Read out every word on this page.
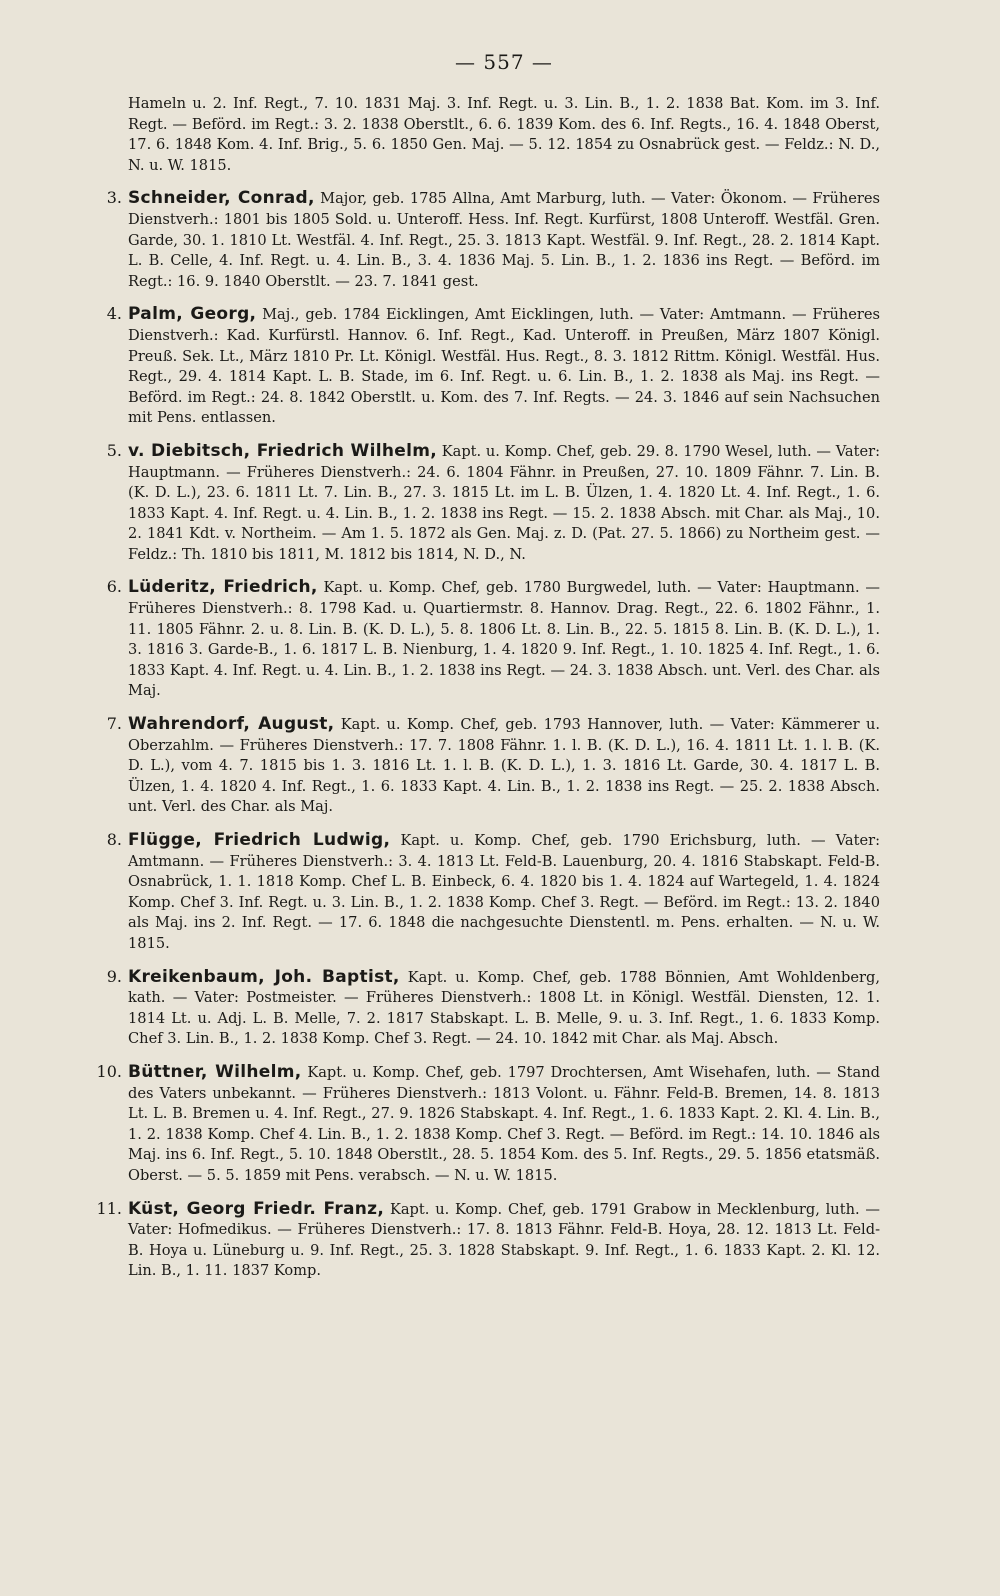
— 557 —

Hameln u. 2. Inf. Regt., 7. 10. 1831 Maj. 3. Inf. Regt. u. 3. Lin. B., 1. 2. 1838 Bat. Kom. im 3. Inf. Regt. — Beförd. im Regt.: 3. 2. 1838 Oberstlt., 6. 6. 1839 Kom. des 6. Inf. Regts., 16. 4. 1848 Oberst, 17. 6. 1848 Kom. 4. Inf. Brig., 5. 6. 1850 Gen. Maj. — 5. 12. 1854 zu Osnabrück gest. — Feldz.: N. D., N. u. W. 1815.

3. Schneider, Conrad, Major, geb. 1785 Allna, Amt Marburg, luth. — Vater: Ökonom. — Früheres Dienstverh.: 1801 bis 1805 Sold. u. Unteroff. Hess. Inf. Regt. Kurfürst, 1808 Unteroff. Westfäl. Gren. Garde, 30. 1. 1810 Lt. Westfäl. 4. Inf. Regt., 25. 3. 1813 Kapt. Westfäl. 9. Inf. Regt., 28. 2. 1814 Kapt. L. B. Celle, 4. Inf. Regt. u. 4. Lin. B., 3. 4. 1836 Maj. 5. Lin. B., 1. 2. 1836 ins Regt. — Beförd. im Regt.: 16. 9. 1840 Oberstlt. — 23. 7. 1841 gest.

4. Palm, Georg, Maj., geb. 1784 Eicklingen, Amt Eicklingen, luth. — Vater: Amtmann. — Früheres Dienstverh.: Kad. Kurfürstl. Hannov. 6. Inf. Regt., Kad. Unteroff. in Preußen, März 1807 Königl. Preuß. Sek. Lt., März 1810 Pr. Lt. Königl. Westfäl. Hus. Regt., 8. 3. 1812 Rittm. Königl. Westfäl. Hus. Regt., 29. 4. 1814 Kapt. L. B. Stade, im 6. Inf. Regt. u. 6. Lin. B., 1. 2. 1838 als Maj. ins Regt. — Beförd. im Regt.: 24. 8. 1842 Oberstlt. u. Kom. des 7. Inf. Regts. — 24. 3. 1846 auf sein Nachsuchen mit Pens. entlassen.

5. v. Diebitsch, Friedrich Wilhelm, Kapt. u. Komp. Chef, geb. 29. 8. 1790 Wesel, luth. — Vater: Hauptmann. — Früheres Dienstverh.: 24. 6. 1804 Fähnr. in Preußen, 27. 10. 1809 Fähnr. 7. Lin. B. (K. D. L.), 23. 6. 1811 Lt. 7. Lin. B., 27. 3. 1815 Lt. im L. B. Ülzen, 1. 4. 1820 Lt. 4. Inf. Regt., 1. 6. 1833 Kapt. 4. Inf. Regt. u. 4. Lin. B., 1. 2. 1838 ins Regt. — 15. 2. 1838 Absch. mit Char. als Maj., 10. 2. 1841 Kdt. v. Northeim. — Am 1. 5. 1872 als Gen. Maj. z. D. (Pat. 27. 5. 1866) zu Northeim gest. — Feldz.: Th. 1810 bis 1811, M. 1812 bis 1814, N. D., N.

6. Lüderitz, Friedrich, Kapt. u. Komp. Chef, geb. 1780 Burgwedel, luth. — Vater: Hauptmann. — Früheres Dienstverh.: 8. 1798 Kad. u. Quartiermstr. 8. Hannov. Drag. Regt., 22. 6. 1802 Fähnr., 1. 11. 1805 Fähnr. 2. u. 8. Lin. B. (K. D. L.), 5. 8. 1806 Lt. 8. Lin. B., 22. 5. 1815 8. Lin. B. (K. D. L.), 1. 3. 1816 3. Garde-B., 1. 6. 1817 L. B. Nienburg, 1. 4. 1820 9. Inf. Regt., 1. 10. 1825 4. Inf. Regt., 1. 6. 1833 Kapt. 4. Inf. Regt. u. 4. Lin. B., 1. 2. 1838 ins Regt. — 24. 3. 1838 Absch. unt. Verl. des Char. als Maj.

7. Wahrendorf, August, Kapt. u. Komp. Chef, geb. 1793 Hannover, luth. — Vater: Kämmerer u. Oberzahlm. — Früheres Dienstverh.: 17. 7. 1808 Fähnr. 1. l. B. (K. D. L.), 16. 4. 1811 Lt. 1. l. B. (K. D. L.), vom 4. 7. 1815 bis 1. 3. 1816 Lt. 1. l. B. (K. D. L.), 1. 3. 1816 Lt. Garde, 30. 4. 1817 L. B. Ülzen, 1. 4. 1820 4. Inf. Regt., 1. 6. 1833 Kapt. 4. Lin. B., 1. 2. 1838 ins Regt. — 25. 2. 1838 Absch. unt. Verl. des Char. als Maj.

8. Flügge, Friedrich Ludwig, Kapt. u. Komp. Chef, geb. 1790 Erichsburg, luth. — Vater: Amtmann. — Früheres Dienstverh.: 3. 4. 1813 Lt. Feld-B. Lauenburg, 20. 4. 1816 Stabskapt. Feld-B. Osnabrück, 1. 1. 1818 Komp. Chef L. B. Einbeck, 6. 4. 1820 bis 1. 4. 1824 auf Wartegeld, 1. 4. 1824 Komp. Chef 3. Inf. Regt. u. 3. Lin. B., 1. 2. 1838 Komp. Chef 3. Regt. — Beförd. im Regt.: 13. 2. 1840 als Maj. ins 2. Inf. Regt. — 17. 6. 1848 die nachgesuchte Dienstentl. m. Pens. erhalten. — N. u. W. 1815.

9. Kreikenbaum, Joh. Baptist, Kapt. u. Komp. Chef, geb. 1788 Bönnien, Amt Wohldenberg, kath. — Vater: Postmeister. — Früheres Dienstverh.: 1808 Lt. in Königl. Westfäl. Diensten, 12. 1. 1814 Lt. u. Adj. L. B. Melle, 7. 2. 1817 Stabskapt. L. B. Melle, 9. u. 3. Inf. Regt., 1. 6. 1833 Komp. Chef 3. Lin. B., 1. 2. 1838 Komp. Chef 3. Regt. — 24. 10. 1842 mit Char. als Maj. Absch.

10. Büttner, Wilhelm, Kapt. u. Komp. Chef, geb. 1797 Drochtersen, Amt Wisehafen, luth. — Stand des Vaters unbekannt. — Früheres Dienstverh.: 1813 Volont. u. Fähnr. Feld-B. Bremen, 14. 8. 1813 Lt. L. B. Bremen u. 4. Inf. Regt., 27. 9. 1826 Stabskapt. 4. Inf. Regt., 1. 6. 1833 Kapt. 2. Kl. 4. Lin. B., 1. 2. 1838 Komp. Chef 4. Lin. B., 1. 2. 1838 Komp. Chef 3. Regt. — Beförd. im Regt.: 14. 10. 1846 als Maj. ins 6. Inf. Regt., 5. 10. 1848 Oberstlt., 28. 5. 1854 Kom. des 5. Inf. Regts., 29. 5. 1856 etatsmäß. Oberst. — 5. 5. 1859 mit Pens. verabsch. — N. u. W. 1815.

11. Küst, Georg Friedr. Franz, Kapt. u. Komp. Chef, geb. 1791 Grabow in Mecklenburg, luth. — Vater: Hofmedikus. — Früheres Dienstverh.: 17. 8. 1813 Fähnr. Feld-B. Hoya, 28. 12. 1813 Lt. Feld-B. Hoya u. Lüneburg u. 9. Inf. Regt., 25. 3. 1828 Stabskapt. 9. Inf. Regt., 1. 6. 1833 Kapt. 2. Kl. 12. Lin. B., 1. 11. 1837 Komp.
